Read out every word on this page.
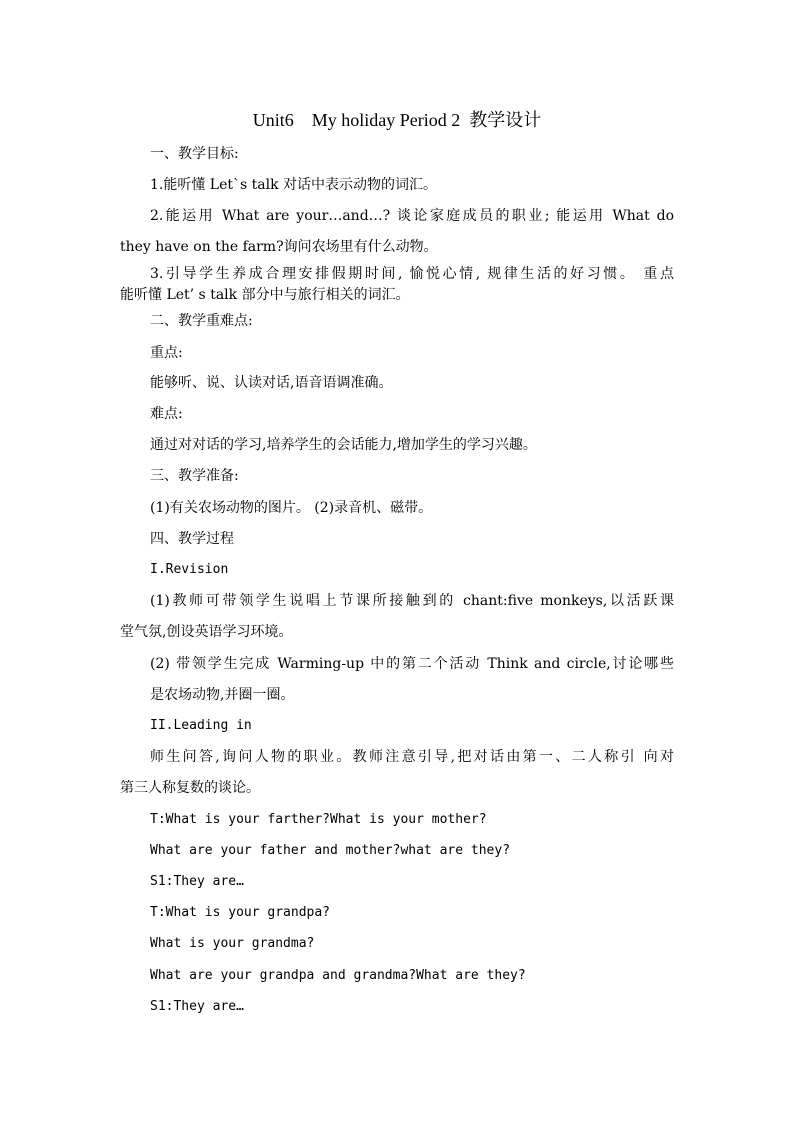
Unit6    My holiday Period 2  教学设计
一、教学目标:
1.能听懂 Let`s talk 对话中表示动物的词汇。
2.能运用 What are your…and…? 谈论家庭成员的职业; 能运用 What do
they have on the farm?询问农场里有什么动物。
3.引导学生养成合理安排假期时间, 愉悦心情, 规律生活的好习惯。 重点
能听懂 Let’ s talk 部分中与旅行相关的词汇。
二、教学重难点:
重点:
能够听、说、认读对话,语音语调准确。
难点:
通过对对话的学习,培养学生的会话能力,增加学生的学习兴趣。
三、教学准备:
(1)有关农场动物的图片。 (2)录音机、磁带。
四、教学过程
I.Revision
(1)教师可带领学生说唱上节课所接触到的 chant:five monkeys,以活跃课
堂气氛,创设英语学习环境。
(2) 带领学生完成 Warming-up 中的第二个活动 Think and circle,讨论哪些
是农场动物,并圈一圈。
II.Leading in
师生问答,询问人物的职业。教师注意引导,把对话由第一、二人称引 向对
第三人称复数的谈论。
T:What is your farther?What is your mother?
What are your father and mother?what are they?
S1:They are…
T:What is your grandpa?
What is your grandma?
What are your grandpa and grandma?What are they?
S1:They are…
